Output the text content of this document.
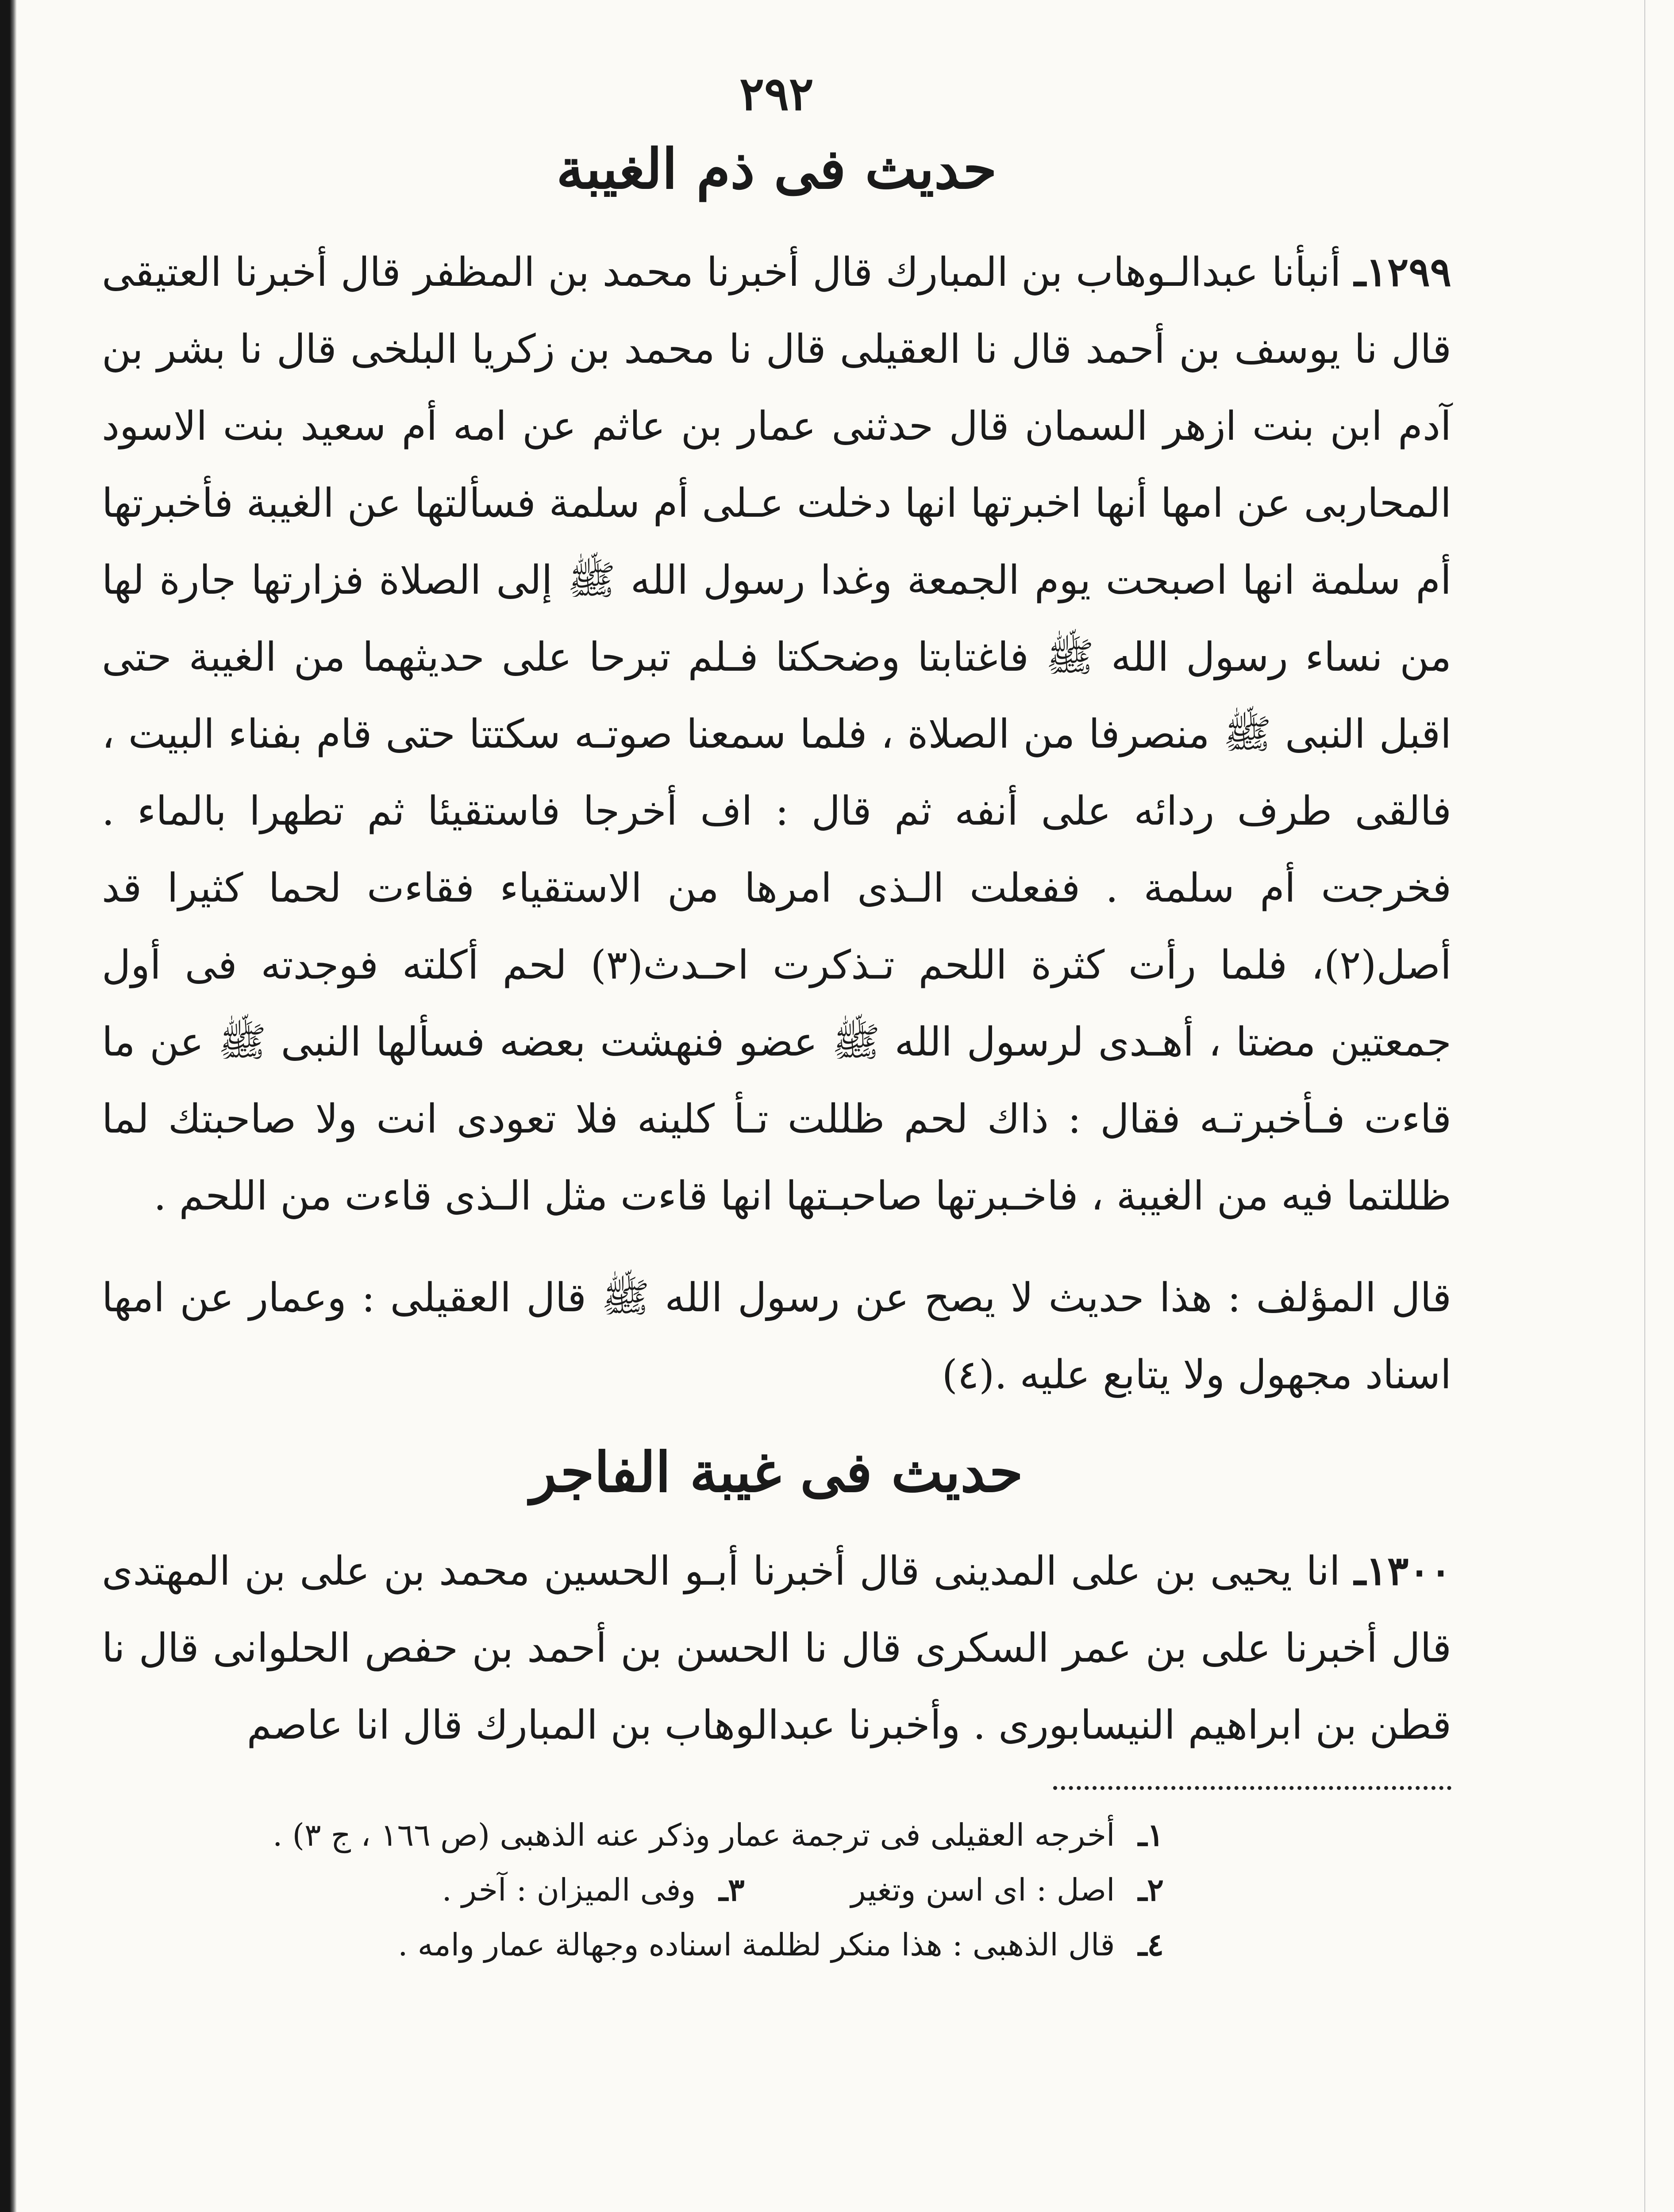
٢٩٢
حديث فى ذم الغيبة

١٢٩٩ـ أنبأنا عبدالـوهاب بن المبارك قال أخبرنا محمد بن المظفر قال أخبرنا العتيقى قال نا يوسف بن أحمد قال نا العقيلى قال نا محمد بن زكريا البلخى قال نا بشر بن آدم ابن بنت ازهر السمان قال حدثنى عمار بن عاثم عن امه أم سعيد بنت الاسود المحاربى عن امها أنها اخبرتها انها دخلت عـلى أم سلمة فسألتها عن الغيبة فأخبرتها أم سلمة انها اصبحت يوم الجمعة وغدا رسول الله ﷺ إلى الصلاة فزارتها جارة لها من نساء رسول الله ﷺ فاغتابتا وضحكتا فـلم تبرحا على حديثهما من الغيبة حتى اقبل النبى ﷺ منصرفا من الصلاة ، فلما سمعنا صوتـه سكتتا حتى قام بفناء البيت ، فالقى طرف ردائه على أنفه ثم قال : اف أخرجا فاستقيئا ثم تطهرا بالماء . فخرجت أم سلمة . ففعلت الـذى امرها من الاستقياء فقاءت لحما كثيرا قد أصل(٢)، فلما رأت كثرة اللحم تـذكرت احـدث(٣) لحم أكلته فوجدته فى أول جمعتين مضتا ، أهـدى لرسول الله ﷺ عضو فنهشت بعضه فسألها النبى ﷺ عن ما قاءت فـأخبرتـه فقال : ذاك لحم ظللت تـأ كلينه فلا تعودى انت ولا صاحبتك لما ظللتما فيه من الغيبة ، فاخـبرتها صاحبـتها انها قاءت مثل الـذى قاءت من اللحم .

قال المؤلف : هذا حديث لا يصح عن رسول الله ﷺ قال العقيلى : وعمار عن امها اسناد مجهول ولا يتابع عليه .(٤)

حديث فى غيبة الفاجر

١٣٠٠ـ انا يحيى بن على المدينى قال أخبرنا أبـو الحسين محمد بن على بن المهتدى قال أخبرنا على بن عمر السكرى قال نا الحسن بن أحمد بن حفص الحلوانى قال نا قطن بن ابراهيم النيسابورى . وأخبرنا عبدالوهاب بن المبارك قال انا عاصم

١ـ أخرجه العقيلى فى ترجمة عمار وذكر عنه الذهبى (ص ١٦٦ ، ج ٣) .

٢ـ اصل : اى اسن وتغير

٣ـ وفى الميزان : آخر .

٤ـ قال الذهبى : هذا منكر لظلمة اسناده وجهالة عمار وامه .
